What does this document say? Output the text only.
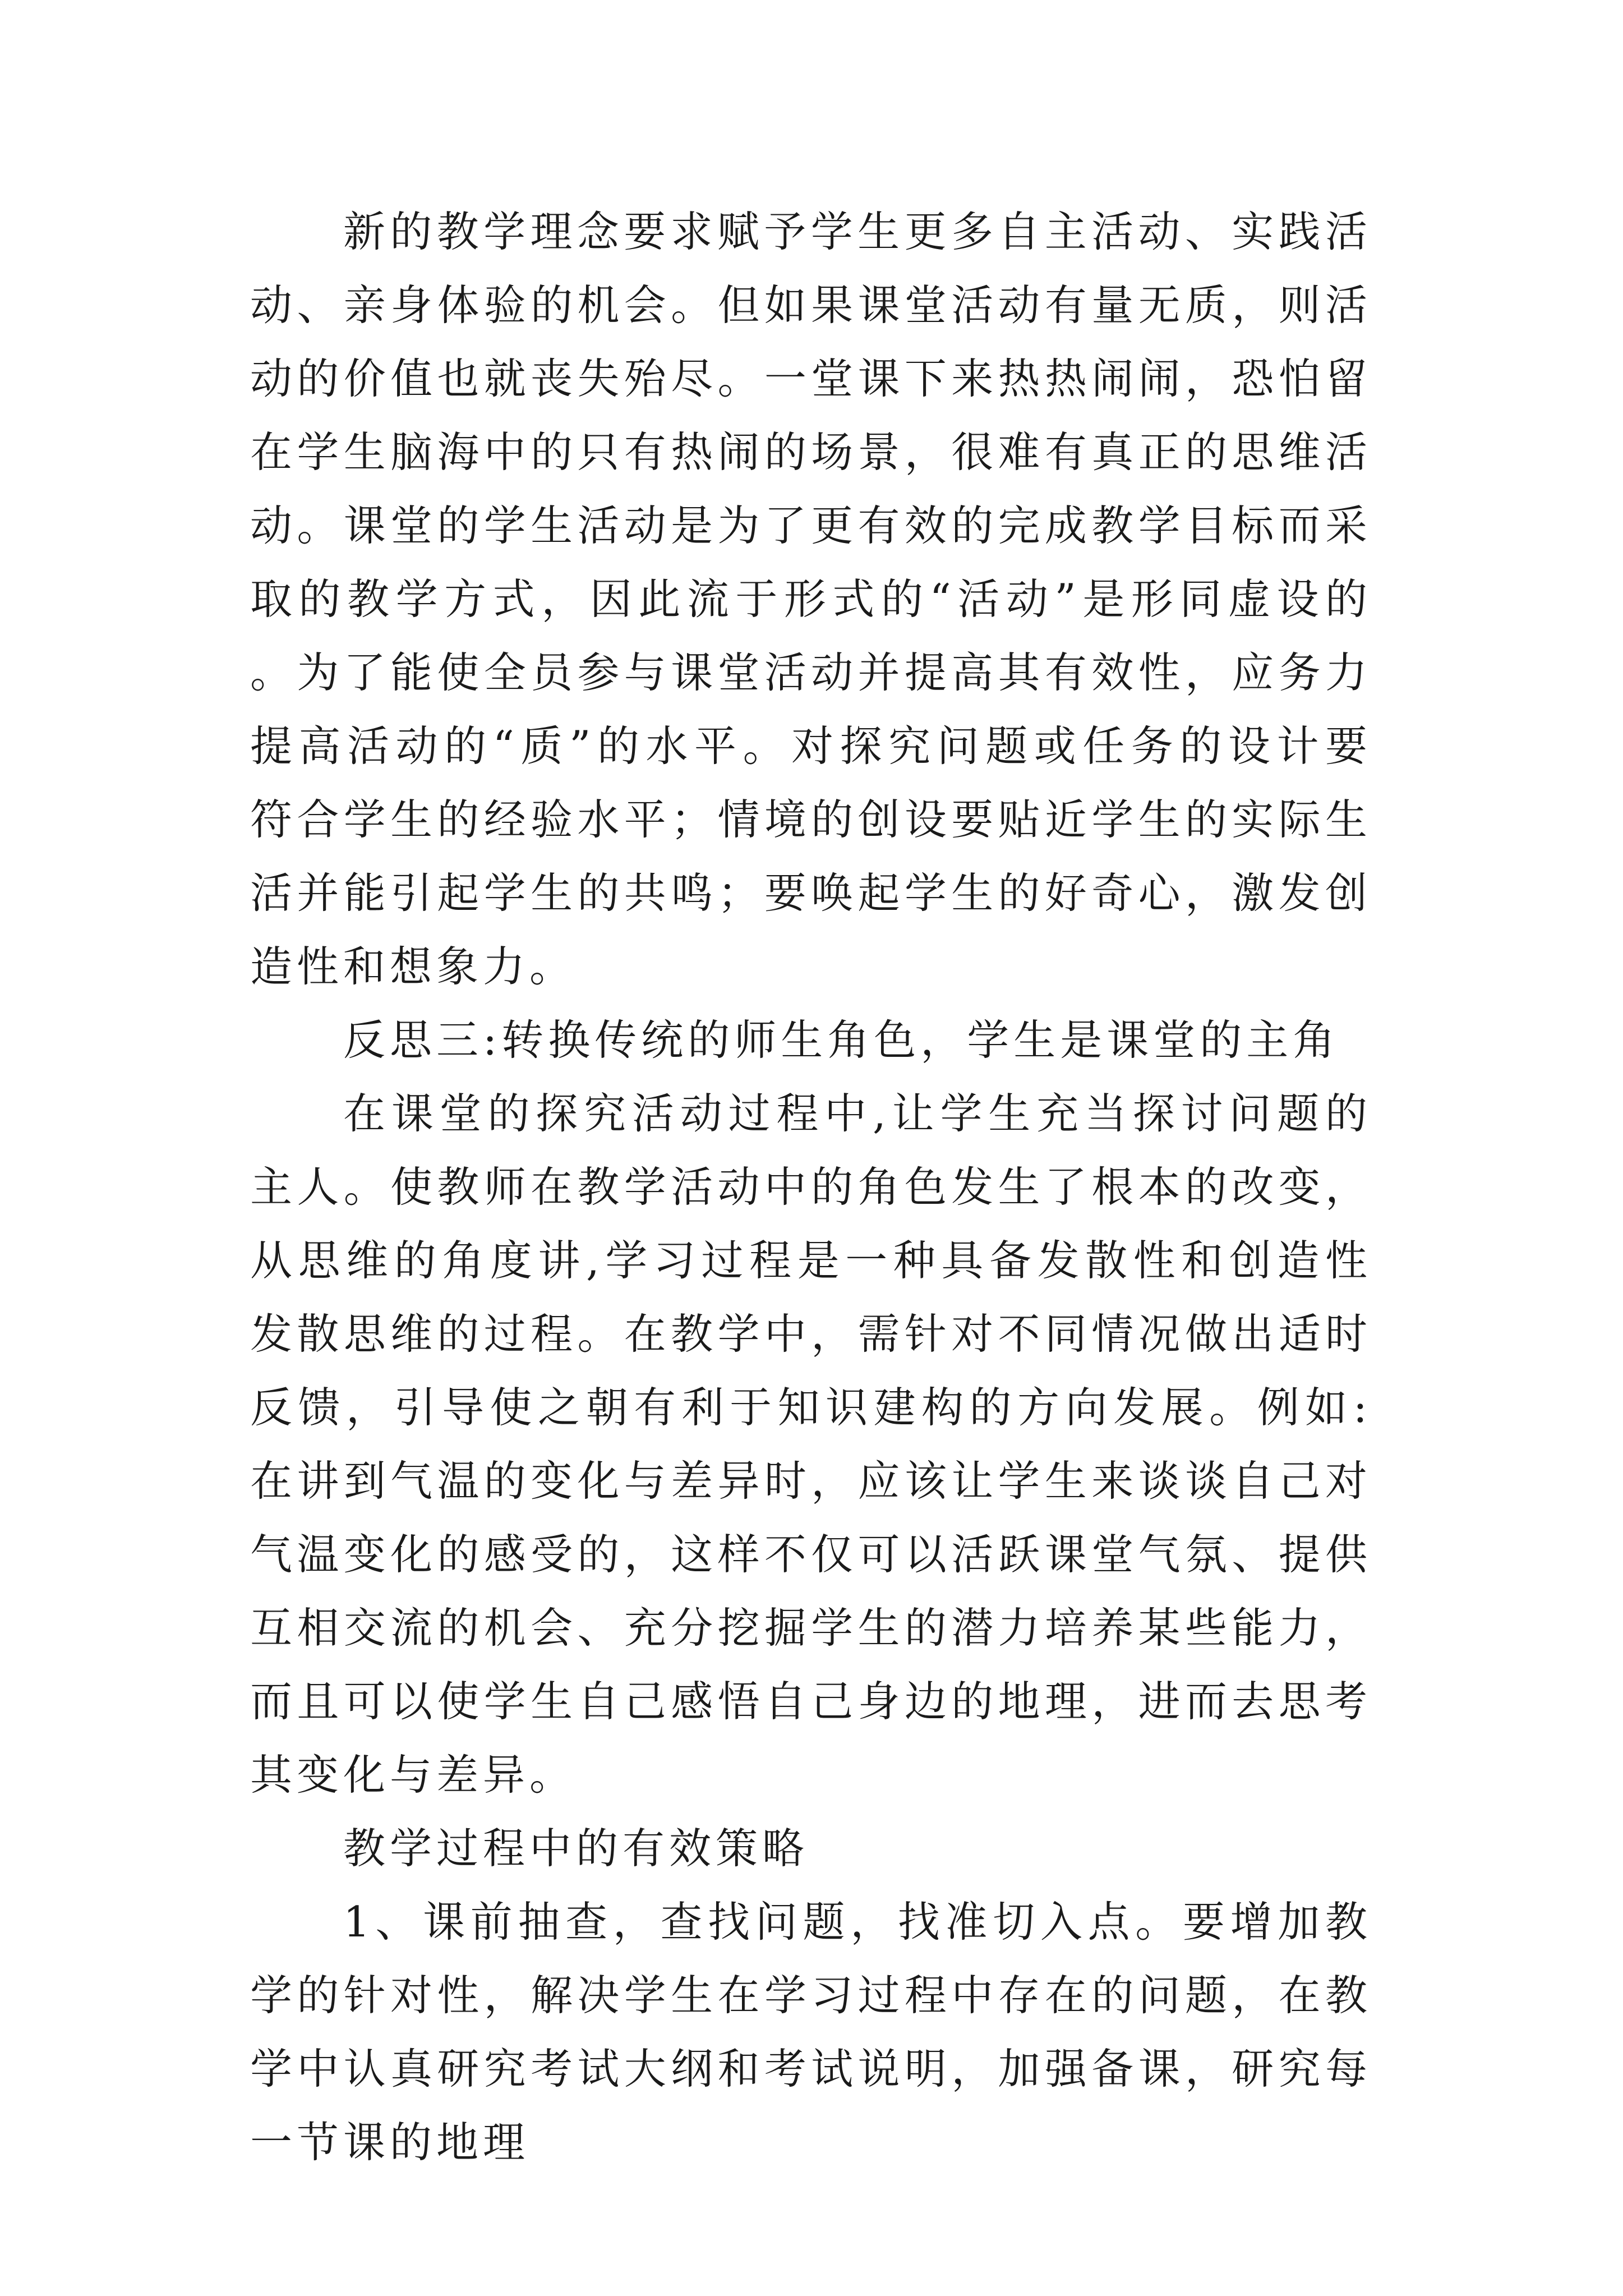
新的教学理念要求赋予学生更多自主活动、实践活动、亲身体验的机会。但如果课堂活动有量无质，则活动的价值也就丧失殆尽。一堂课下来热热闹闹，恐怕留在学生脑海中的只有热闹的场景，很难有真正的思维活动。课堂的学生活动是为了更有效的完成教学目标而采取的教学方式，因此流于形式的“活动”是形同虚设的。为了能使全员参与课堂活动并提高其有效性，应务力提高活动的“质”的水平。对探究问题或任务的设计要符合学生的经验水平；情境的创设要贴近学生的实际生活并能引起学生的共鸣；要唤起学生的好奇心，激发创造性和想象力。

反思三:转换传统的师生角色，学生是课堂的主角

在课堂的探究活动过程中,让学生充当探讨问题的主人。使教师在教学活动中的角色发生了根本的改变，从思维的角度讲,学习过程是一种具备发散性和创造性发散思维的过程。在教学中，需针对不同情况做出适时反馈，引导使之朝有利于知识建构的方向发展。例如:在讲到气温的变化与差异时，应该让学生来谈谈自己对气温变化的感受的，这样不仅可以活跃课堂气氛、提供互相交流的机会、充分挖掘学生的潜力培养某些能力，而且可以使学生自己感悟自己身边的地理，进而去思考其变化与差异。

教学过程中的有效策略

1、课前抽查，查找问题，找准切入点。要增加教学的针对性，解决学生在学习过程中存在的问题，在教学中认真研究考试大纲和考试说明，加强备课，研究每一节课的地理
